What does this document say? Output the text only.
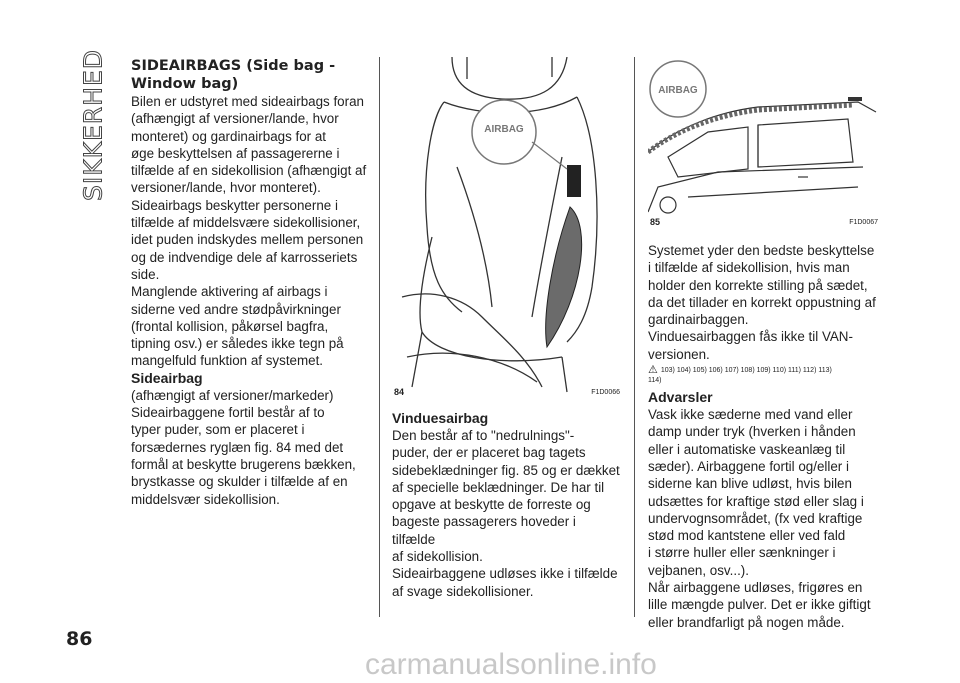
SIKKERHED SIDEAIRBAGS (Side bag - Window bag)

Bilen er udstyret med sideairbags foran

(afhængigt af versioner/lande, hvor

monteret) og gardinairbags for at

øge beskyttelsen af passagererne i

tilfælde af en sidekollision (afhængigt af

versioner/lande, hvor monteret).

Sideairbags beskytter personerne i

tilfælde af middelsvære sidekollisioner,

idet puden indskydes mellem personen

og de indvendige dele af karrosseriets

side.

Manglende aktivering af airbags i

siderne ved andre stødpåvirkninger

(frontal kollision, påkørsel bagfra,

tipning osv.) er således ikke tegn på

mangelfuld funktion af systemet.

Sideairbag

(afhængigt af versioner/markeder)

Sideairbaggene fortil består af to

typer puder, som er placeret i

forsædernes ryglæn fig. 84 med det

formål at beskytte brugerens bækken,

brystkasse og skulder i tilfælde af en

middelsvær sidekollision.

AIRBAG
84	F1D0066
Vinduesairbag

Den består af to "nedrulnings"-

puder, der er placeret bag tagets

sidebeklædninger fig. 85 og er dækket

af specielle beklædninger. De har til

opgave at beskytte de forreste og

bageste passagerers hoveder i tilfælde

af sidekollision.

Sideairbaggene udløses ikke i tilfælde

af svage sidekollisioner.

AIRBAG
85	F1D0067

Systemet yder den bedste beskyttelse

i tilfælde af sidekollision, hvis man

holder den korrekte stilling på sædet,

da det tillader en korrekt oppustning af

gardinairbaggen.

Vinduesairbaggen fås ikke til VAN-

versionen.

⚠ 103) 104) 105) 106) 107) 108) 109) 110) 111) 112) 113)
114)
Advarsler

Vask ikke sæderne med vand eller

damp under tryk (hverken i hånden

eller i automatiske vaskeanlæg til

sæder). Airbaggene fortil og/eller i

siderne kan blive udløst, hvis bilen

udsættes for kraftige stød eller slag i

undervognsområdet, (fx ved kraftige

stød mod kantstene eller ved fald

i større huller eller sænkninger i

vejbanen, osv...).

Når airbaggene udløses, frigøres en

lille mængde pulver. Det er ikke giftigt

eller brandfarligt på nogen måde.

86
carmanualsonline.info
